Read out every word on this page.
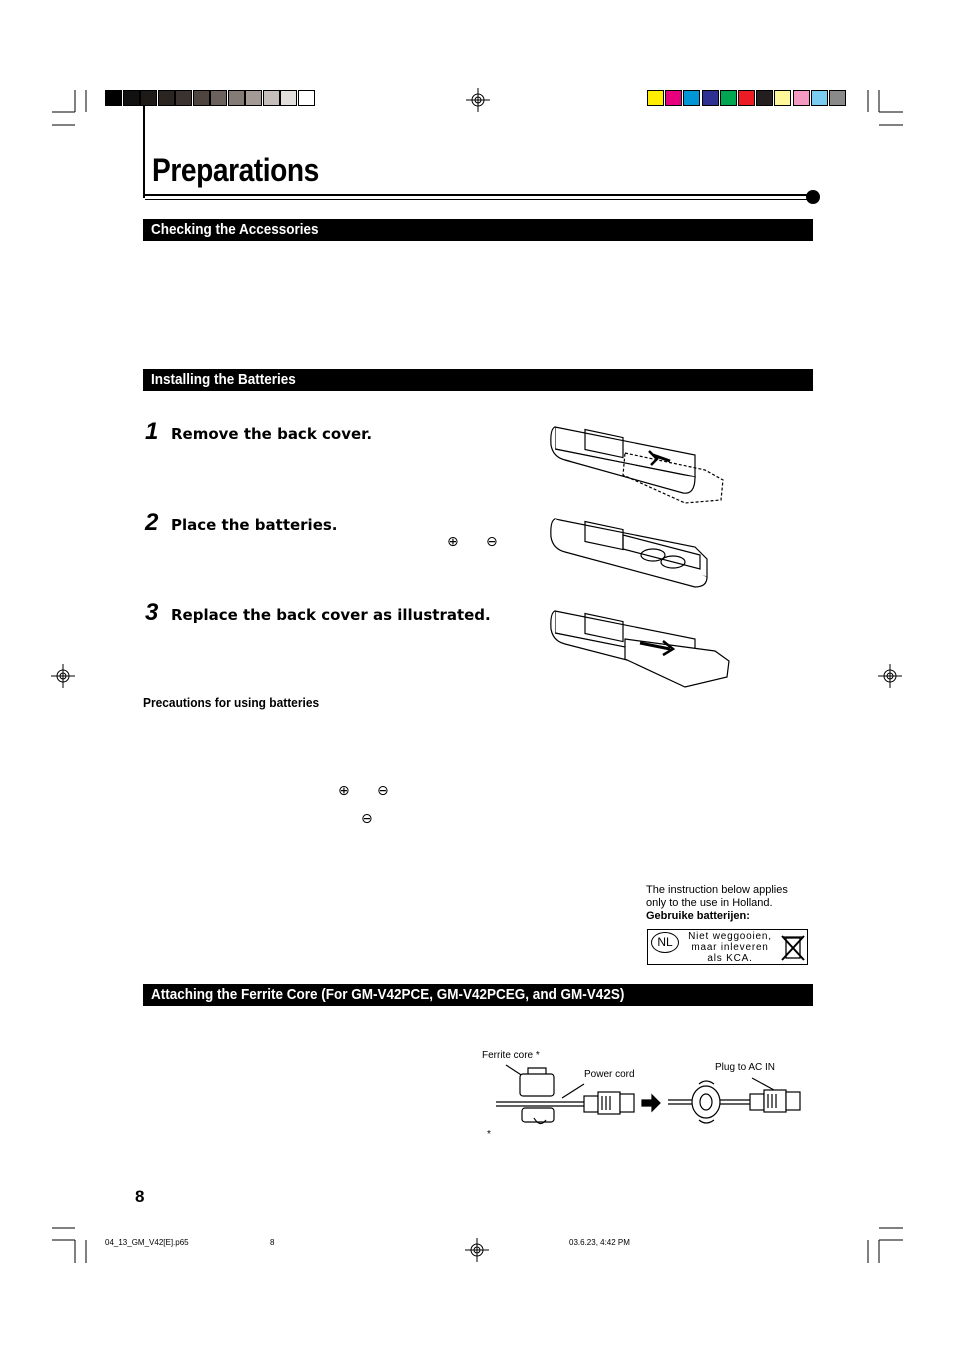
Preparations
Checking the Accessories
Installing the Batteries
1 Remove the back cover.
2 Place the batteries.
⊕ ⊖
3 Replace the back cover as illustrated.
Precautions for using batteries
⊕ ⊖
⊖
The instruction below applies
only to the use in Holland.
Gebruike batterijen:
NL	Niet weggooien,
maar inleveren
als KCA.
Attaching the Ferrite Core (For GM-V42PCE, GM-V42PCEG, and GM-V42S)
Ferrite core *
Power cord
Plug to AC IN
*
8
04_13_GM_V42[E].p65	8	03.6.23, 4:42 PM
